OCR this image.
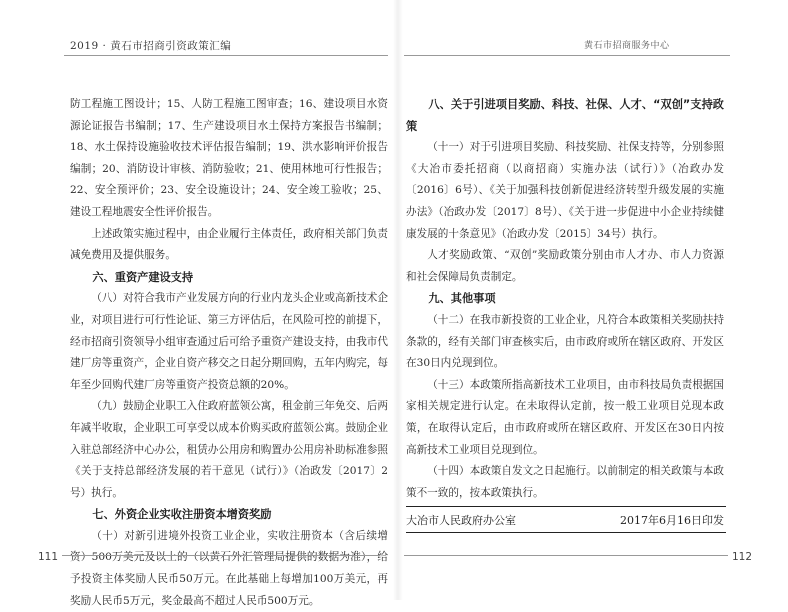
2019 · 黄石市招商引资政策汇编	黄石市招商服务中心

防工程施工图设计；15、人防工程施工图审查；16、建设项目水资源论证报告书编制；17、生产建设项目水土保持方案报告书编制；18、水土保持设施验收技术评估报告编制；19、洪水影响评价报告编制；20、消防设计审核、消防验收；21、使用林地可行性报告；22、安全预评价；23、安全设施设计；24、安全竣工验收；25、建设工程地震安全性评价报告。

上述政策实施过程中，由企业履行主体责任，政府相关部门负责减免费用及提供服务。

六、重资产建设支持

（八）对符合我市产业发展方向的行业内龙头企业或高新技术企业，对项目进行可行性论证、第三方评估后，在风险可控的前提下，经市招商引资领导小组审查通过后可给予重资产建设支持，由我市代建厂房等重资产，企业自资产移交之日起分期回购，五年内购完，每年至少回购代建厂房等重资产投资总额的20%。

（九）鼓励企业职工入住政府蓝领公寓，租金前三年免交、后两年减半收取，企业职工可享受以成本价购买政府蓝领公寓。鼓励企业入驻总部经济中心办公，租赁办公用房和购置办公用房补助标准参照《关于支持总部经济发展的若干意见（试行）》（冶政发〔2017〕2号）执行。

七、外资企业实收注册资本增资奖励

（十）对新引进境外投资工业企业，实收注册资本（含后续增资）500万美元及以上的（以黄石外汇管理局提供的数据为准），给予投资主体奖励人民币50万元。在此基础上每增加100万美元，再奖励人民币5万元，奖金最高不超过人民币500万元。

八、关于引进项目奖励、科技、社保、人才、“双创”支持政策

（十一）对于引进项目奖励、科技奖励、社保支持等，分别参照《大冶市委托招商（以商招商）实施办法（试行）》（冶政办发〔2016〕6号）、《关于加强科技创新促进经济转型升级发展的实施办法》（冶政办发〔2017〕8号）、《关于进一步促进中小企业持续健康发展的十条意见》（冶政办发〔2015〕34号）执行。

人才奖励政策、“双创”奖励政策分别由市人才办、市人力资源和社会保障局负责制定。

九、其他事项

（十二）在我市新投资的工业企业，凡符合本政策相关奖励扶持条款的，经有关部门审查核实后，由市政府或所在辖区政府、开发区在30日内兑现到位。

（十三）本政策所指高新技术工业项目，由市科技局负责根据国家相关规定进行认定。在未取得认定前，按一般工业项目兑现本政策，在取得认定后，由市政府或所在辖区政府、开发区在30日内按高新技术工业项目兑现到位。

（十四）本政策自发文之日起施行。以前制定的相关政策与本政策不一致的，按本政策执行。

大冶市人民政府办公室	2017年6月16日印发
111	112
